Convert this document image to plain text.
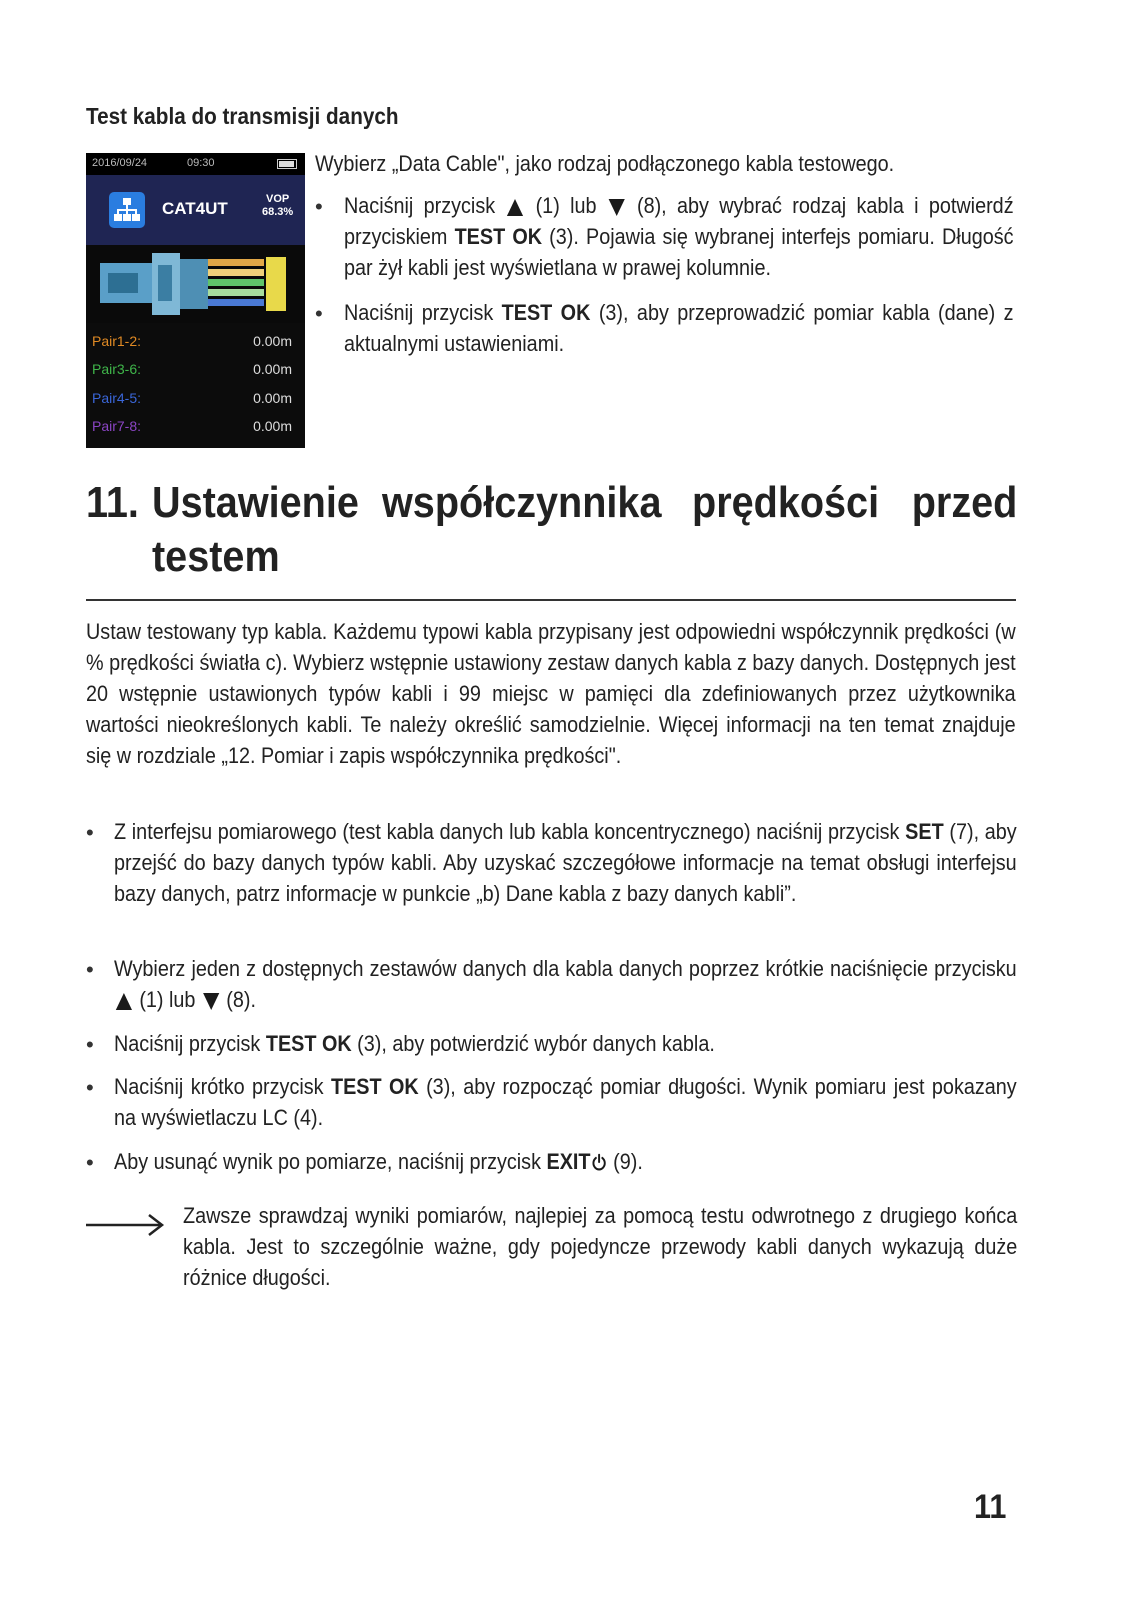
Test kabla do transmisji danych
2016/09/24	09:30
CAT4UT	VOP
68.3%
Pair1-2:	0.00m
Pair3-6:	0.00m
Pair4-5:	0.00m
Pair7-8:	0.00m
Wybierz „Data Cable", jako rodzaj podłączonego kabla testowego.
• Naciśnij przycisk (1) lub (8), aby wybrać rodzaj kabla i potwierdź przyciskiem TEST OK (3). Pojawia się wybranej interfejs pomiaru. Długość par żył kabli jest wyświetlana w prawej kolumnie.
• Naciśnij przycisk TEST OK (3), aby przeprowadzić pomiar kabla (dane) z aktualnymi ustawieniami.
11. Ustawienie współczynnika prędkości przed
testem
Ustaw testowany typ kabla. Każdemu typowi kabla przypisany jest odpowiedni współczynnik prędkości (w % prędkości światła c). Wybierz wstępnie ustawiony zestaw danych kabla z bazy danych. Dostępnych jest 20 wstępnie ustawionych typów kabli i 99 miejsc w pamięci dla zdefiniowanych przez użytkownika wartości nieokreślonych kabli. Te należy określić samodzielnie. Więcej informacji na ten temat znajduje się w rozdziale „12. Pomiar i zapis współczynnika prędkości".
• Z interfejsu pomiarowego (test kabla danych lub kabla koncentrycznego) naciśnij przycisk SET (7), aby przejść do bazy danych typów kabli. Aby uzyskać szczegółowe informacje na temat obsługi interfejsu bazy danych, patrz informacje w punkcie „b) Dane kabla z bazy danych kabli”.
• Wybierz jeden z dostępnych zestawów danych dla kabla danych poprzez krótkie naciśnięcie przycisku  (1) lub (8).
• Naciśnij przycisk TEST OK (3), aby potwierdzić wybór danych kabla.
• Naciśnij krótko przycisk TEST OK (3), aby rozpocząć pomiar długości. Wynik pomiaru jest pokazany na wyświetlaczu LC (4).
• Aby usunąć wynik po pomiarze, naciśnij przycisk EXIT (9).
Zawsze sprawdzaj wyniki pomiarów, najlepiej za pomocą testu odwrotnego z drugiego końca kabla. Jest to szczególnie ważne, gdy pojedyncze przewody kabli danych wykazują duże różnice długości.
11
